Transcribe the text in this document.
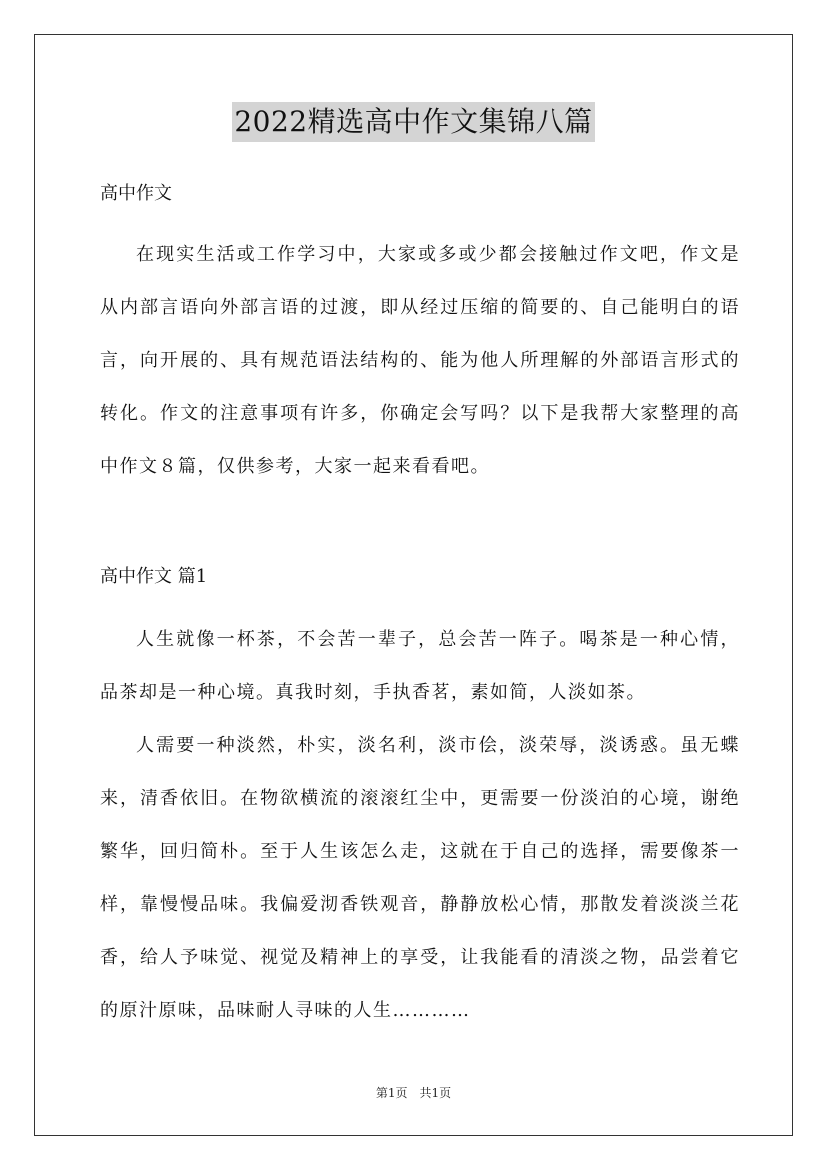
2022精选高中作文集锦八篇

高中作文

在现实生活或工作学习中，大家或多或少都会接触过作文吧，作文是从内部言语向外部言语的过渡，即从经过压缩的简要的、自己能明白的语言，向开展的、具有规范语法结构的、能为他人所理解的外部语言形式的转化。作文的注意事项有许多，你确定会写吗？以下是我帮大家整理的高中作文８篇，仅供参考，大家一起来看看吧。

高中作文 篇1

人生就像一杯茶，不会苦一辈子，总会苦一阵子。喝茶是一种心情，品茶却是一种心境。真我时刻，手执香茗，素如简，人淡如茶。

人需要一种淡然，朴实，淡名利，淡市侩，淡荣辱，淡诱惑。虽无蝶来，清香依旧。在物欲横流的滚滚红尘中，更需要一份淡泊的心境，谢绝繁华，回归简朴。至于人生该怎么走，这就在于自己的选择，需要像茶一样，靠慢慢品味。我偏爱沏香铁观音，静静放松心情，那散发着淡淡兰花香，给人予味觉、视觉及精神上的享受，让我能看的清淡之物，品尝着它的原汁原味，品味耐人寻味的人生…………

第1页　共1页
